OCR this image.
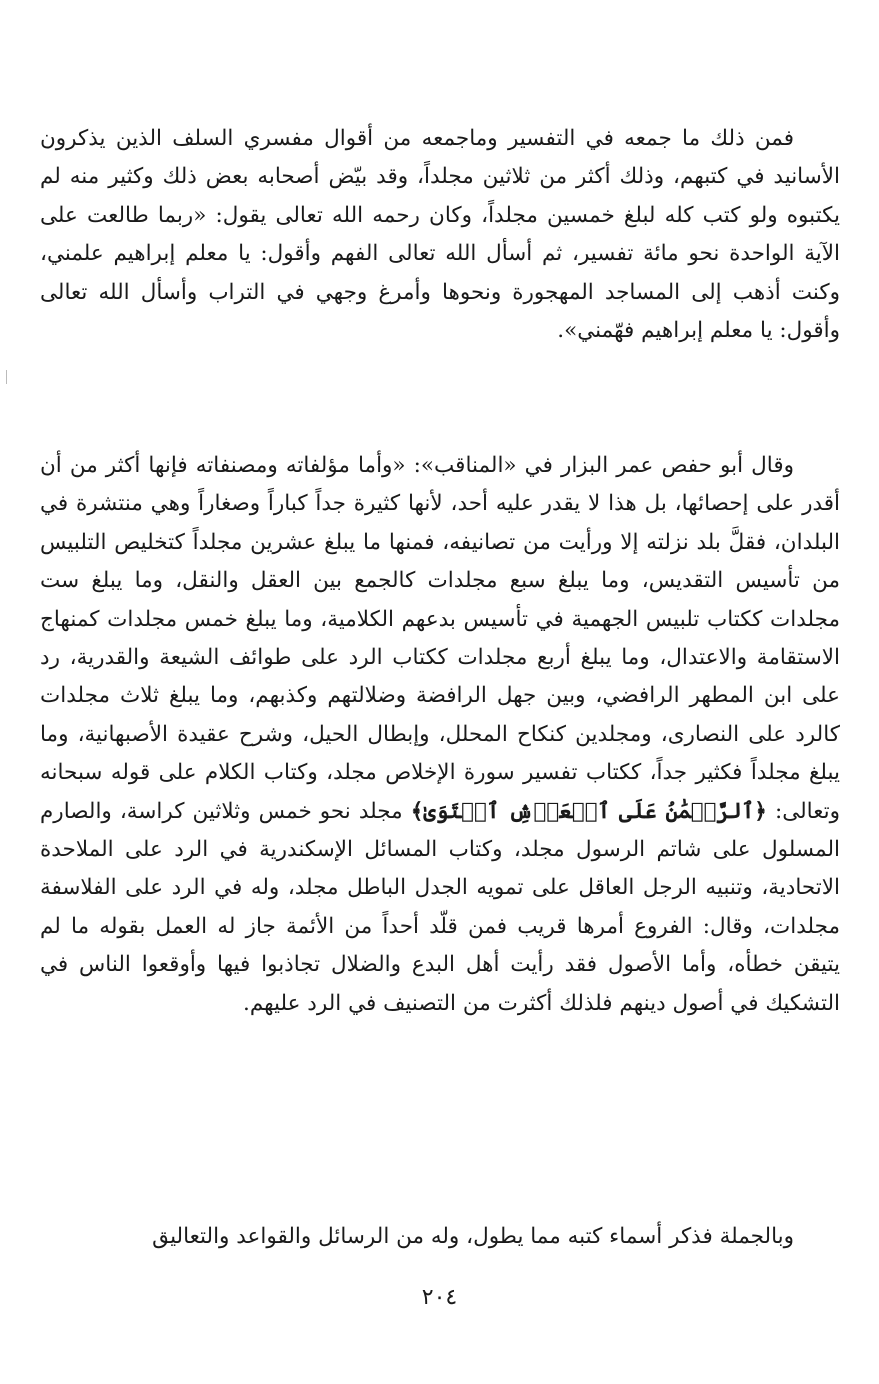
فمن ذلك ما جمعه في التفسير وماجمعه من أقوال مفسري السلف الذين يذكرون الأسانيد في كتبهم، وذلك أكثر من ثلاثين مجلداً، وقد بيّض أصحابه بعض ذلك وكثير منه لم يكتبوه ولو كتب كله لبلغ خمسين مجلداً، وكان رحمه الله تعالى يقول: «ربما طالعت على الآية الواحدة نحو مائة تفسير، ثم أسأل الله تعالى الفهم وأقول: يا معلم إبراهيم علمني، وكنت أذهب إلى المساجد المهجورة ونحوها وأمرغ وجهي في التراب وأسأل الله تعالى وأقول: يا معلم إبراهيم فهّمني».

وقال أبو حفص عمر البزار في «المناقب»: «وأما مؤلفاته ومصنفاته فإنها أكثر من أن أقدر على إحصائها، بل هذا لا يقدر عليه أحد، لأنها كثيرة جداً كباراً وصغاراً وهي منتشرة في البلدان، فقلَّ بلد نزلته إلا ورأيت من تصانيفه، فمنها ما يبلغ عشرين مجلداً كتخليص التلبيس من تأسيس التقديس، وما يبلغ سبع مجلدات كالجمع بين العقل والنقل، وما يبلغ ست مجلدات ككتاب تلبيس الجهمية في تأسيس بدعهم الكلامية، وما يبلغ خمس مجلدات كمنهاج الاستقامة والاعتدال، وما يبلغ أربع مجلدات ككتاب الرد على طوائف الشيعة والقدرية، رد على ابن المطهر الرافضي، وبين جهل الرافضة وضلالتهم وكذبهم، وما يبلغ ثلاث مجلدات كالرد على النصارى، ومجلدين كنكاح المحلل، وإبطال الحيل، وشرح عقيدة الأصبهانية، وما يبلغ مجلداً فكثير جداً، ككتاب تفسير سورة الإخلاص مجلد، وكتاب الكلام على قوله سبحانه وتعالى: ﴿ٱلرَّحۡمَٰنُ عَلَى ٱلۡعَرۡشِ ٱسۡتَوَىٰ﴾ مجلد نحو خمس وثلاثين كراسة، والصارم المسلول على شاتم الرسول مجلد، وكتاب المسائل الإسكندرية في الرد على الملاحدة الاتحادية، وتنبيه الرجل العاقل على تمويه الجدل الباطل مجلد، وله في الرد على الفلاسفة مجلدات، وقال: الفروع أمرها قريب فمن قلّد أحداً من الأئمة جاز له العمل بقوله ما لم يتيقن خطأه، وأما الأصول فقد رأيت أهل البدع والضلال تجاذبوا فيها وأوقعوا الناس في التشكيك في أصول دينهم فلذلك أكثرت من التصنيف في الرد عليهم.

وبالجملة فذكر أسماء كتبه مما يطول، وله من الرسائل والقواعد والتعاليق

٢٠٤
